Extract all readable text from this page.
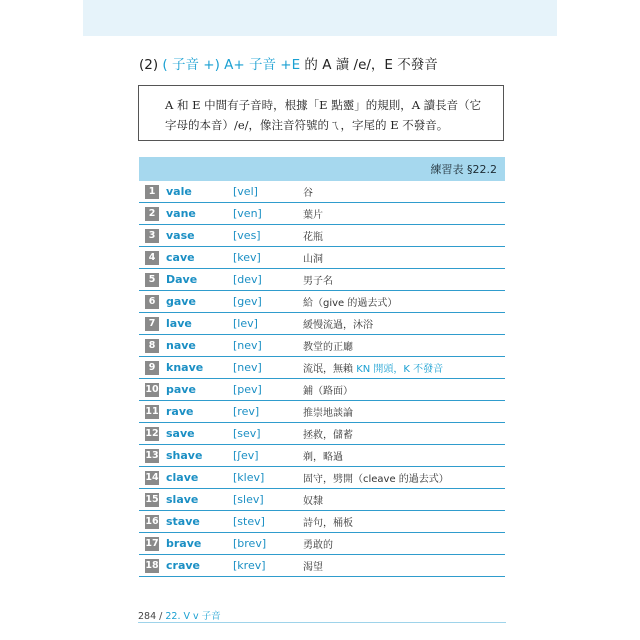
(2) ( 子音 +) A+ 子音 +E 的 A 讀 /e/，E 不發音
A 和 E 中間有子音時，根據「E 點靈」的規則，A 讀長音（它字母的本音）/e/，像注音符號的ㄟ，字尾的 E 不發音。
練習表 §22.2
1 vale	[vel]	谷
2 vane	[ven]	葉片
3 vase	[ves]	花瓶
4 cave	[kev]	山洞
5 Dave	[dev]	男子名
6 gave	[gev]	給（give 的過去式）
7 lave	[lev]	緩慢流過，沐浴
8 nave	[nev]	教堂的正廳
9 knave	[nev]	流氓，無賴 KN 開頭，K 不發音
10 pave	[pev]	鋪（路面）
11 rave	[rev]	推崇地談論
12 save	[sev]	拯救，儲蓄
13 shave	[ʃev]	剃，略過
14 clave	[klev]	固守，劈開（cleave 的過去式）
15 slave	[slev]	奴隸
16 stave	[stev]	詩句，桶板
17 brave	[brev]	勇敢的
18 crave	[krev]	渴望
284 / 22. V v 子音
